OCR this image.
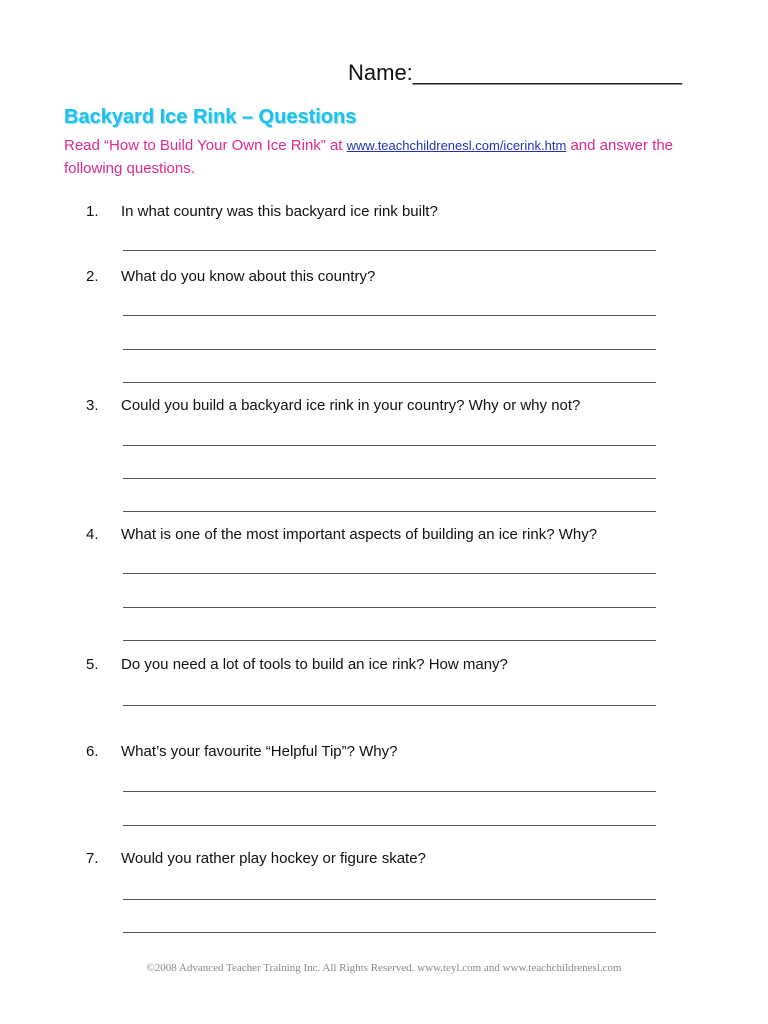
Name:______________________
Backyard Ice Rink – Questions
Read “How to Build Your Own Ice Rink” at www.teachchildrenesl.com/icerink.htm and answer the following questions.
1. In what country was this backyard ice rink built?
2. What do you know about this country?
3. Could you build a backyard ice rink in your country? Why or why not?
4. What is one of the most important aspects of building an ice rink? Why?
5. Do you need a lot of tools to build an ice rink? How many?
6. What’s your favourite “Helpful Tip”? Why?
7. Would you rather play hockey or figure skate?
©2008 Advanced Teacher Training Inc. All Rights Reserved. www.teyl.com and www.teachchildrenesl.com
